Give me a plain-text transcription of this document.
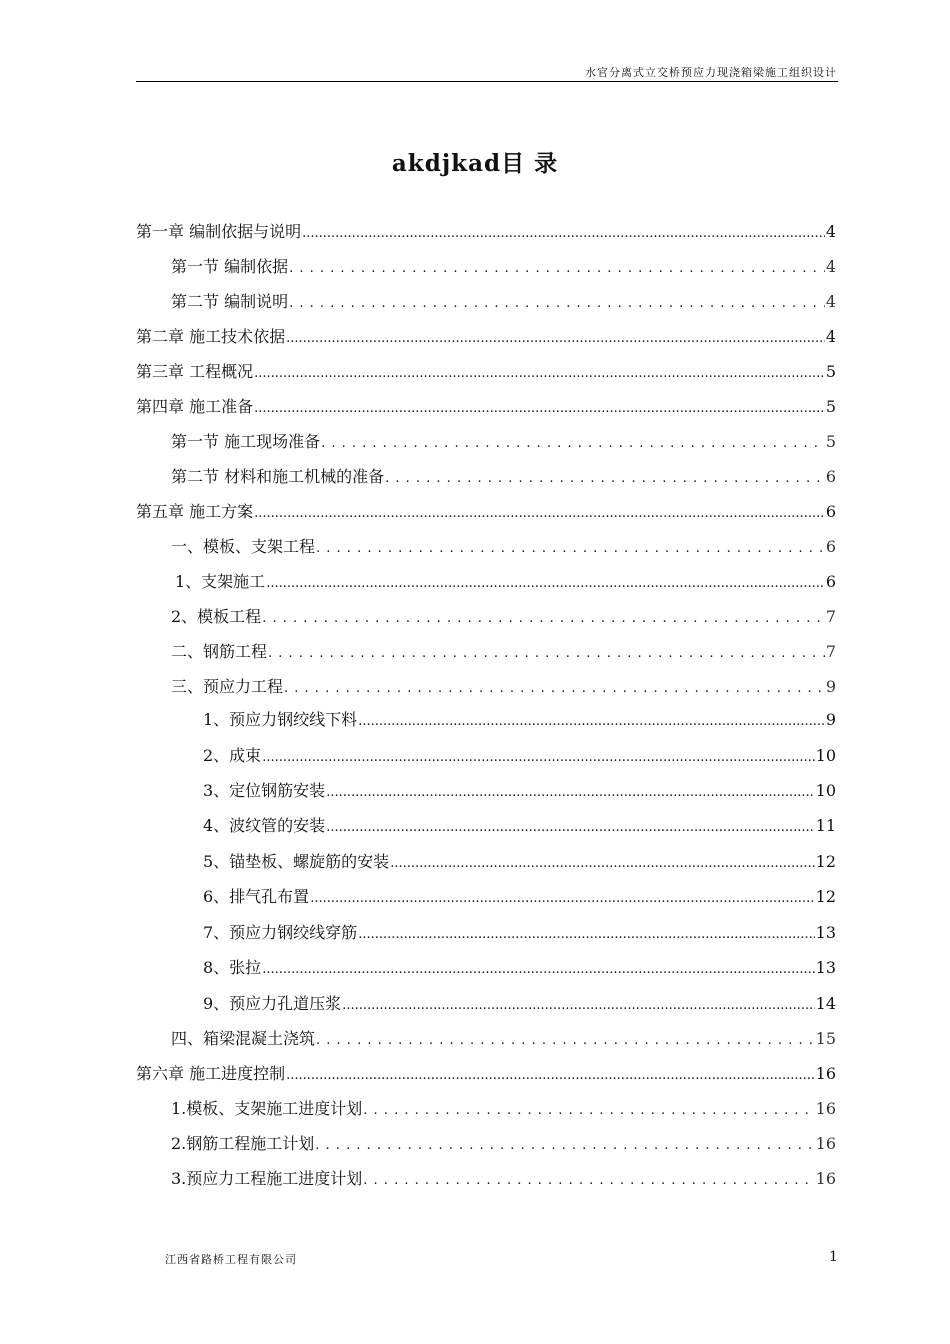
水官分离式立交桥预应力现浇箱梁施工组织设计
akdjkad目 录
第一章 编制依据与说明 .....	4
第一节 编制依据 . . .	4
第二节 编制说明 . . .	4
第二章 施工技术依据 .....	4
第三章 工程概况 .....	5
第四章 施工准备 .....	5
第一节 施工现场准备 . . .	5
第二节 材料和施工机械的准备 . . .	6
第五章 施工方案 .....	6
一、模板、支架工程 . . .	6
1、支架施工 .....	6
2、模板工程 . . .	7
二、钢筋工程 . . .	7
三、预应力工程 . . .	9
1、预应力钢绞线下料 .....	9
2、成束 .....	10
3、定位钢筋安装 .....	10
4、波纹管的安装 .....	11
5、锚垫板、螺旋筋的安装 .....	12
6、排气孔布置 .....	12
7、预应力钢绞线穿筋 .....	13
8、张拉 .....	13
9、预应力孔道压浆 .....	14
四、箱梁混凝土浇筑 . . .	15
第六章 施工进度控制 .....	16
1.模板、支架施工进度计划 . . .	16
2.钢筋工程施工计划 . . .	16
3.预应力工程施工进度计划 . . .	16
江西省路桥工程有限公司	1
